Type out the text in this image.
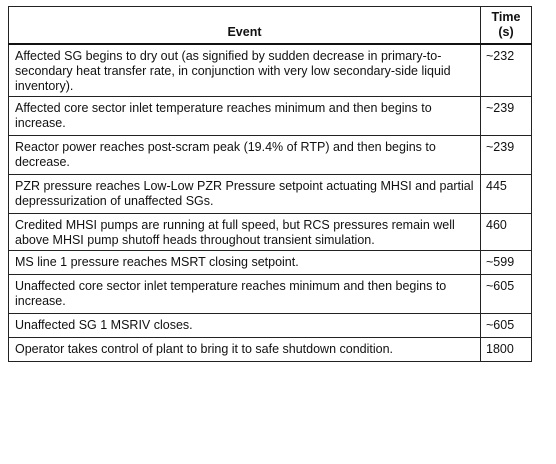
Event	Time
(s)

Affected SG begins to dry out (as signified by sudden decrease in primary-to-secondary heat transfer rate, in conjunction with very low secondary-side liquid inventory).	~232
Affected core sector inlet temperature reaches minimum and then begins to increase.	~239
Reactor power reaches post-scram peak (19.4% of RTP) and then begins to decrease.	~239
PZR pressure reaches Low-Low PZR Pressure setpoint actuating MHSI and partial depressurization of unaffected SGs.	445
Credited MHSI pumps are running at full speed, but RCS pressures remain well above MHSI pump shutoff heads throughout transient simulation.	460
MS line 1 pressure reaches MSRT closing setpoint.	~599
Unaffected core sector inlet temperature reaches minimum and then begins to increase.	~605
Unaffected SG 1 MSRIV closes.	~605
Operator takes control of plant to bring it to safe shutdown condition.	1800
